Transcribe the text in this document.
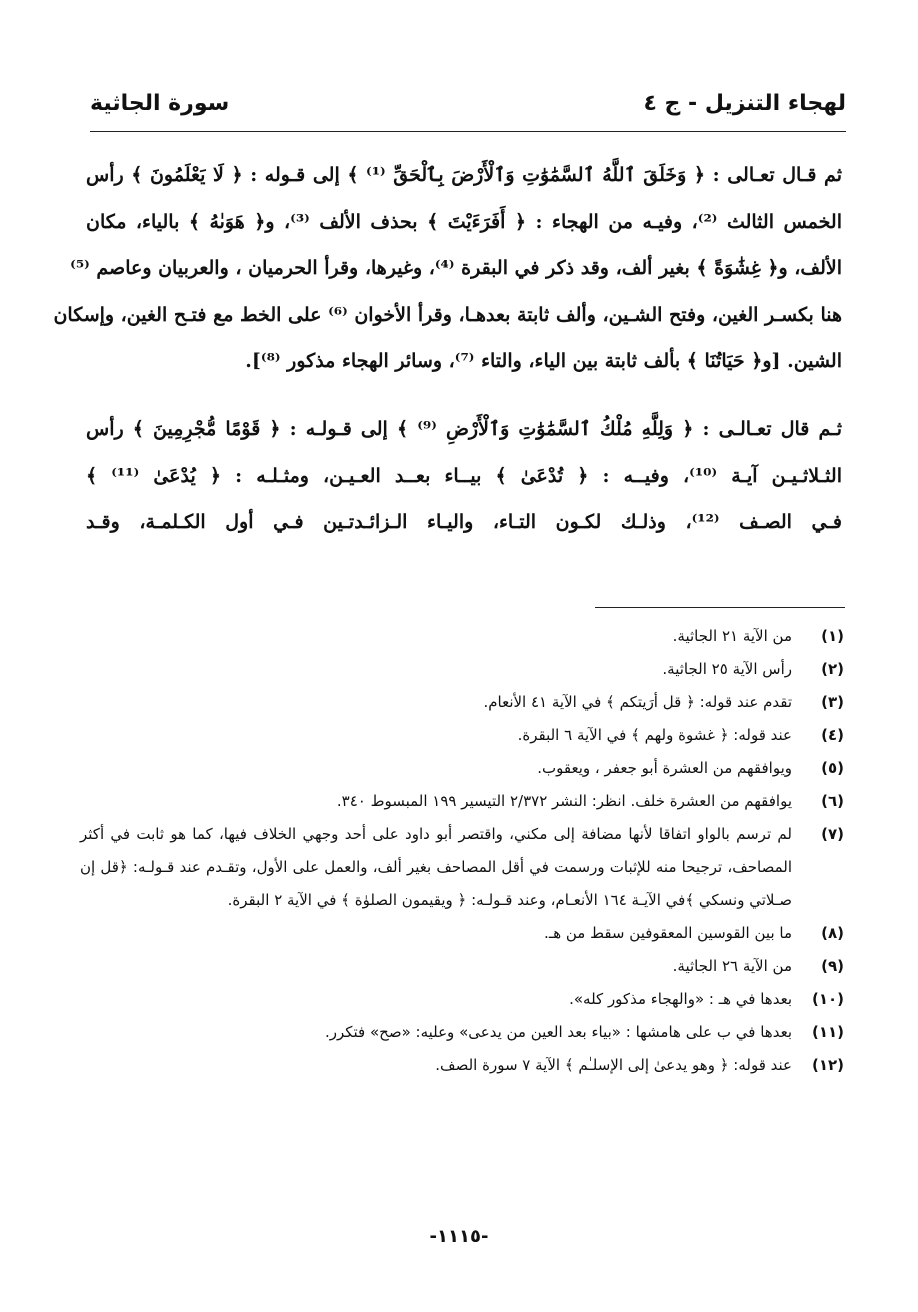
لهجاء التنزيل - ج ٤
سورة الجاثية
ثم قـال تعـالى : ﴿ وَخَلَقَ ٱللَّهُ ٱلسَّمَٰوَٰتِ وَٱلْأَرْضَ بِٱلْحَقِّ ⁽¹⁾ ﴾ إلى قـوله : ﴿ لَا يَعْلَمُونَ ﴾ رأس
الخمس الثالث ⁽²⁾، وفيـه من الهجاء : ﴿ أَفَرَءَيْتَ ﴾ بحذف الألف ⁽³⁾، و﴿ هَوَىٰهُ ﴾ بالياء، مكان
الألف، و﴿ غِشَٰوَةً ﴾ بغير ألف، وقد ذكر في البقرة ⁽⁴⁾، وغيرها، وقرأ الحرميان ، والعربيان وعاصم ⁽⁵⁾
هنا بكسـر الغين، وفتح الشـين، وألف ثابتة بعدهـا، وقرأ الأخوان ⁽⁶⁾ على الخط مع فتـح الغين، وإسكان
الشين. [و﴿ حَيَاتُنَا ﴾ بألف ثابتة بين الياء، والتاء ⁽⁷⁾، وسائر الهجاء مذكور ⁽⁸⁾].
ثـم قال تعـالـى : ﴿ وَلِلَّهِ مُلْكُ ٱلسَّمَٰوَٰتِ وَٱلْأَرْضِ ⁽⁹⁾ ﴾ إلى قـولـه : ﴿ قَوْمًا مُّجْرِمِينَ ﴾ رأس
الثـلاثـيـن آيـة ⁽¹⁰⁾، وفيــه : ﴿ تُدْعَىٰ ﴾ بيــاء بعــد العـيـن، ومثـلـه : ﴿ يُدْعَىٰ ⁽¹¹⁾ ﴾
فـي الصـف ⁽¹²⁾، وذلـك لكـون التـاء، واليـاء الـزائـدتـين فـي أول الكـلمـة، وقـد
(١)
من الآية ٢١ الجاثية.
(٢)
رأس الآية ٢٥ الجاثية.
(٣)
تقدم عند قوله: ﴿ قل أرَيتكم ﴾ في الآية ٤١ الأنعام.
(٤)
عند قوله: ﴿ غشوة ولهم ﴾ في الآية ٦ البقرة.
(٥)
ويوافقهم من العشرة أبو جعفر ، ويعقوب.
(٦)
يوافقهم من العشرة خلف. انظر: النشر ٢/٣٧٢ التيسير ١٩٩ المبسوط ٣٤٠.
(٧)
لم ترسم بالواو اتفاقا لأنها مضافة إلى مكني، واقتصر أبو داود على أحد وجهي الخلاف فيها، كما هو ثابت في أكثر المصاحف، ترجيحا منه للإثبات ورسمت في أقل المصاحف بغير ألف، والعمل على الأول، وتقـدم عند قـولـه: ﴿قل إن صـلاتي ونسكي ﴾في الآيـة ١٦٤ الأنعـام، وعند قـولـه: ﴿ ويقيمون الصلوٰة ﴾ في الآية ٢ البقرة.
(٨)
ما بين القوسين المعقوفين سقط من هـ.
(٩)
من الآية ٢٦ الجاثية.
(١٠)
بعدها في هـ : «والهجاء مذكور كله».
(١١)
بعدها في ب على هامشها : «بياء بعد العين من يدعى» وعليه: «صح» فتكرر.
(١٢)
عند قوله: ﴿ وهو يدعىٰ إلى الإسلـٰم ﴾ الآية ٧ سورة الصف.
-١١١٥-
